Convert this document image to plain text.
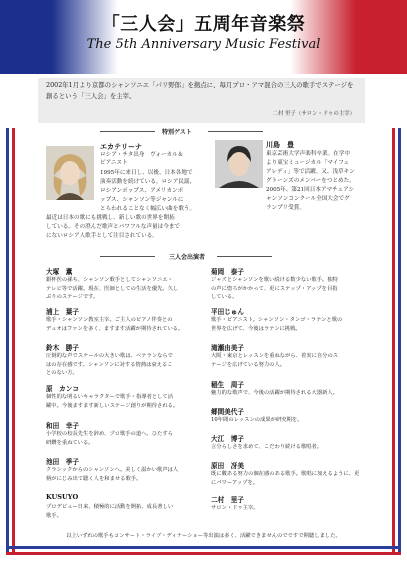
「三人会」五周年音楽祭
The 5th Anniversary Music Festival
2002年1月より京都のシャンソニエ「パリ野郎」を拠点に、毎月プロ・アマ混合の三人の歌手でステージを創るという「三人会」を主宰。
二村 里子（サロン・ドゥの主宰）
特別ゲスト
エカテリーナ
ロシア・チタ出身　ヴォーカル＆
ピアニスト
1995年に来日し、以後、日本各地で
演奏活動を続けている。ロシア民謡、
ロシアンポップス、アメリカンポ
ップス、シャンソン等ジャンルに
とらわれることなく幅広い曲を歌う。
最近は日本の歌にも挑戦し、新しい歌の世界を開拓
している。その澄んだ歌声とパワフルな声量は今まで
にないロシア人歌手として注目されている。
川島　豊
東京芸術大学声楽科卒業。在学中
より東宝ミュージカル「マイフェ
アレディ」等で活躍。又、浅草キン
グトーンズのメンバーをつとめた。
2005年、第21回日本アマチュアシ
ャンソンコンクール全国大会でグ
ランプリ受賞。
三人会出演者
大塚　薫
銀杯医の孫ち、シャンソン歌手としてシャンソニエ・
テレビ等で活躍。現在、医師としての生活を優先。久し
ぶりのステージです。
浦上　葉子
歌手・シャンソン教室主宰。ご主人のピアノ伴奏との
デュオはファンを多く、ますます活躍が期待されている。
鈴木　勝子
圧倒的な声でスケールの大きい歌は、ベテランならで
はの存在感です。シャンソンに対する情熱は衰えるこ
とのない方。
原　カンコ
個性的な明るいキャラクターで歌手・指導者として活
躍中。今後ますます新しいステージ創りが期待される。
和田　幸子
小学校の校長先生を辞め、プロ歌手の道へ。ひたすら
研鑽を重ねている。
池田　季子
クラシックからのシャンソンへ。美しく温かい歌声は人
柄がにじみ出て聴く人を和ませる歌手。
KUSUYO
プロデビュー日来、積極的に活動を開拓、成長著しい
歌手。
菊岡　泰子
ジャズとシャンソンを歌い続ける数少ない歌手。独特
の声に惚ろがかかって、更にステップ・アップを目指
している。
平田じゅん
歌手・ピアニスト。シャンソン・タンゴ・ラテンと歌の
世界を広げて、今後はラテンに挑戦。
滝瀬由美子
大阪・東京とレッスンを重ねながら、着実に自分のス
テージを広げている努力の人。
稲生　周子
魅力的な歌声で、今後の活躍が期待される大器新人。
郷間美代子
10年間のレッスンの成果が研究期を。
大江　博子
言分らしさを求めて、こだわり続ける歌唱者。
原田　冴美
既に數ある努力の個在感のある歌手。歌唱に加えるように、更
にパワーアップを。
二村　里子
サロン・ドゥ主宰。
以上いずれの歌手もコンサート・ライブ・ディナーショー等出演は多く、活躍できませんのでですで期聴しました。
